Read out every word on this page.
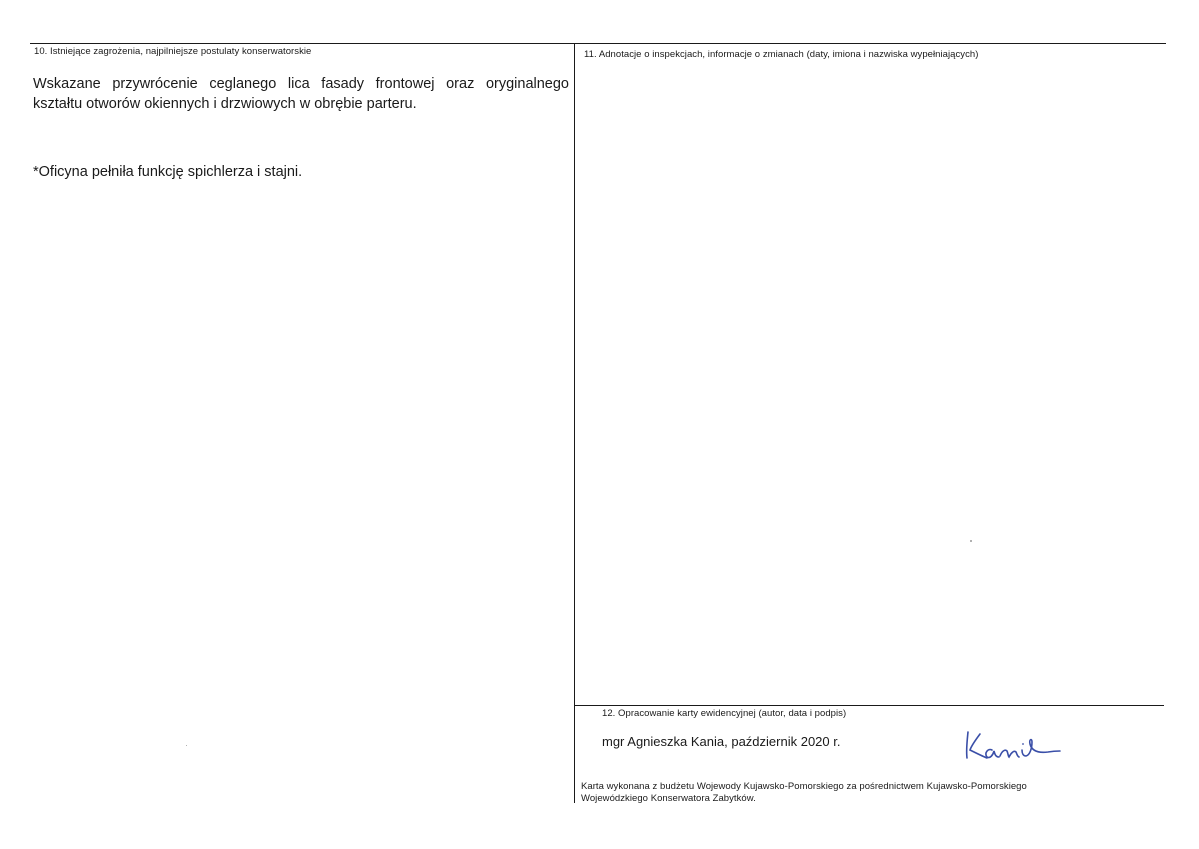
10. Istniejące zagrożenia, najpilniejsze postulaty konserwatorskie
Wskazane przywrócenie ceglanego lica fasady frontowej oraz oryginalnego
kształtu otworów okiennych i drzwiowych w obrębie parteru.
*Oficyna pełniła funkcję spichlerza i stajni.
11. Adnotacje o inspekcjach, informacje o zmianach (daty, imiona i nazwiska wypełniających)
12. Opracowanie karty ewidencyjnej (autor, data i podpis)
mgr Agnieszka Kania, październik 2020 r.
Karta wykonana z budżetu Wojewody Kujawsko-Pomorskiego za pośrednictwem Kujawsko-Pomorskiego
Wojewódzkiego Konserwatora Zabytków.
